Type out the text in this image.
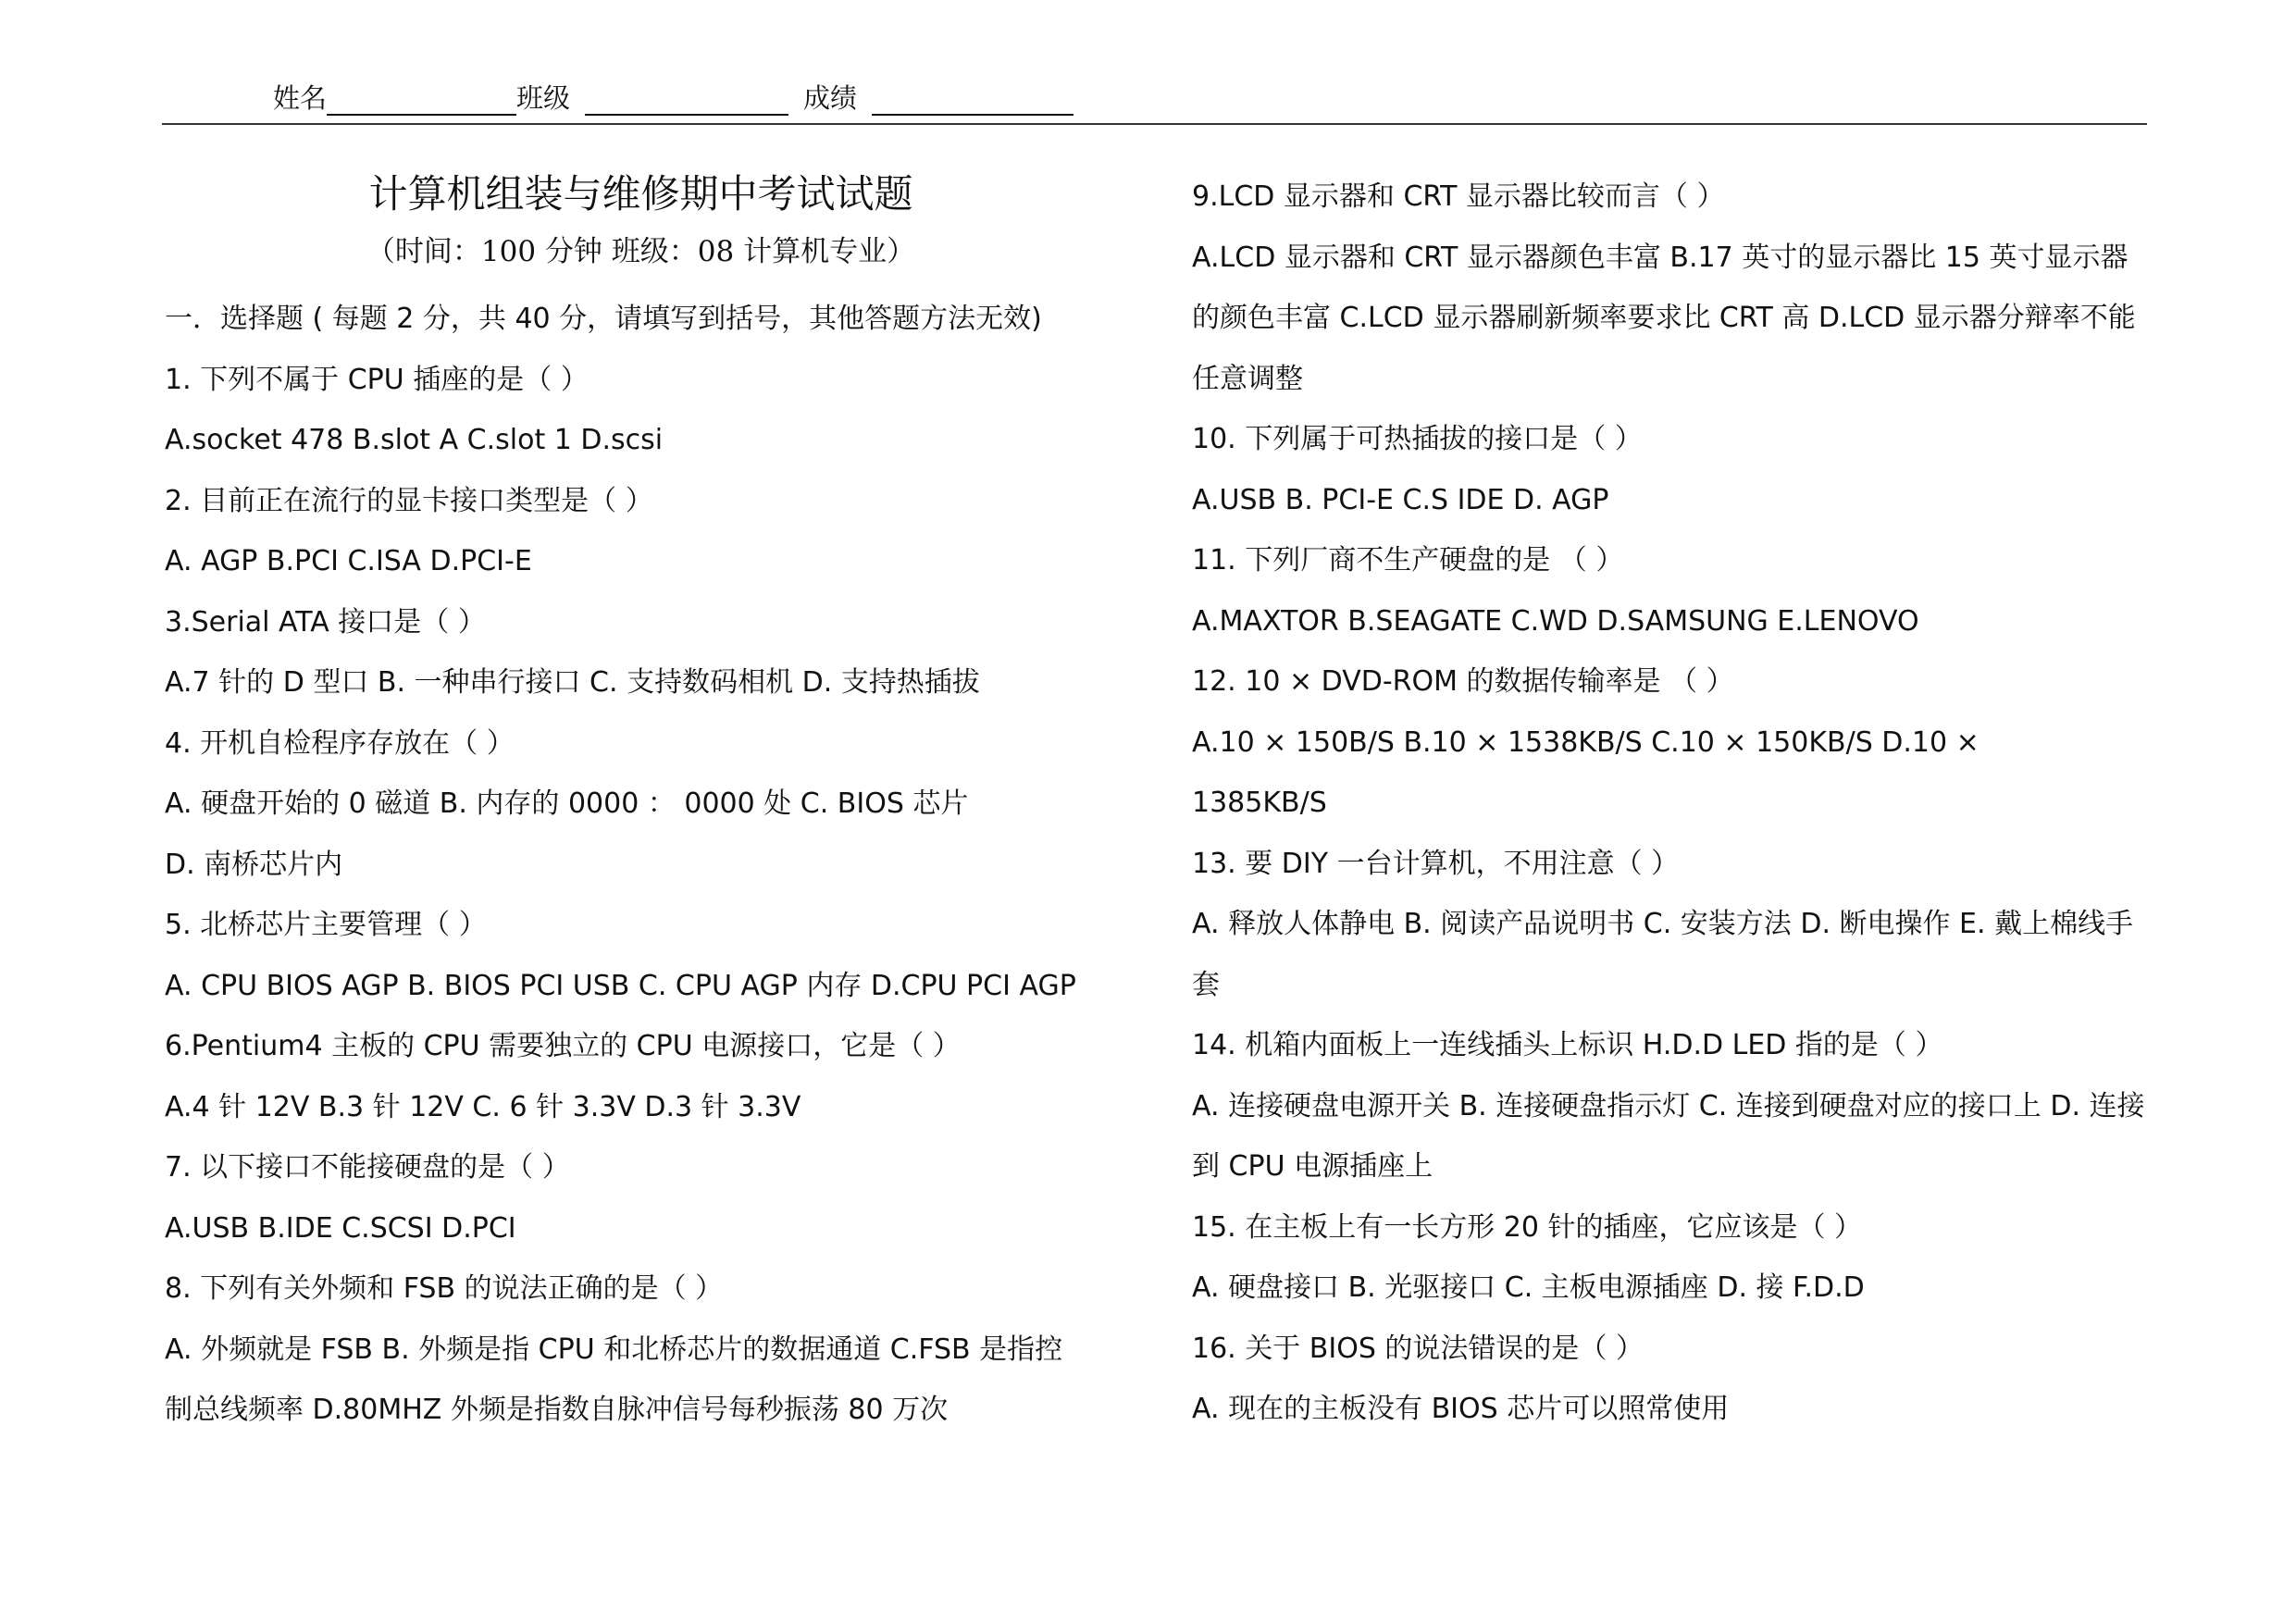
姓名	班级	成绩
计算机组装与维修期中考试试题
（时间：100 分钟 班级：08 计算机专业）

一．选择题 ( 每题 2 分，共 40 分，请填写到括号，其他答题方法无效)

1. 下列不属于 CPU 插座的是（ ）

A.socket 478 B.slot A C.slot 1 D.scsi

2. 目前正在流行的显卡接口类型是（ ）

A. AGP B.PCI C.ISA D.PCI-E

3.Serial ATA 接口是（ ）

A.7 针的 D 型口 B. 一种串行接口 C. 支持数码相机 D. 支持热插拔

4. 开机自检程序存放在（ ）

A. 硬盘开始的 0 磁道 B. 内存的 0000 ： 0000 处 C. BIOS 芯片

D. 南桥芯片内

5. 北桥芯片主要管理（ ）

A. CPU BIOS AGP B. BIOS PCI USB C. CPU AGP 内存 D.CPU PCI AGP

6.Pentium4 主板的 CPU 需要独立的 CPU 电源接口，它是（ ）

A.4 针 12V B.3 针 12V C. 6 针 3.3V D.3 针 3.3V

7. 以下接口不能接硬盘的是（ ）

A.USB B.IDE C.SCSI D.PCI

8. 下列有关外频和 FSB 的说法正确的是（ ）

A. 外频就是 FSB B. 外频是指 CPU 和北桥芯片的数据通道 C.FSB 是指控

制总线频率 D.80MHZ 外频是指数自脉冲信号每秒振荡 80 万次

9.LCD 显示器和 CRT 显示器比较而言（ ）

A.LCD 显示器和 CRT 显示器颜色丰富 B.17 英寸的显示器比 15 英寸显示器

的颜色丰富 C.LCD 显示器刷新频率要求比 CRT 高 D.LCD 显示器分辩率不能

任意调整

10. 下列属于可热插拔的接口是（ ）

A.USB B. PCI-E C.S IDE D. AGP

11. 下列厂商不生产硬盘的是 （ ）

A.MAXTOR B.SEAGATE C.WD D.SAMSUNG E.LENOVO

12. 10 × DVD-ROM 的数据传输率是 （ ）

A.10 × 150B/S B.10 × 1538KB/S C.10 × 150KB/S D.10 ×

1385KB/S

13. 要 DIY 一台计算机，不用注意（ ）

A. 释放人体静电 B. 阅读产品说明书 C. 安装方法 D. 断电操作 E. 戴上棉线手

套

14. 机箱内面板上一连线插头上标识 H.D.D LED 指的是（ ）

A. 连接硬盘电源开关 B. 连接硬盘指示灯 C. 连接到硬盘对应的接口上 D. 连接

到 CPU 电源插座上

15. 在主板上有一长方形 20 针的插座，它应该是（ ）

A. 硬盘接口 B. 光驱接口 C. 主板电源插座 D. 接 F.D.D

16. 关于 BIOS 的说法错误的是（ ）

A. 现在的主板没有 BIOS 芯片可以照常使用
